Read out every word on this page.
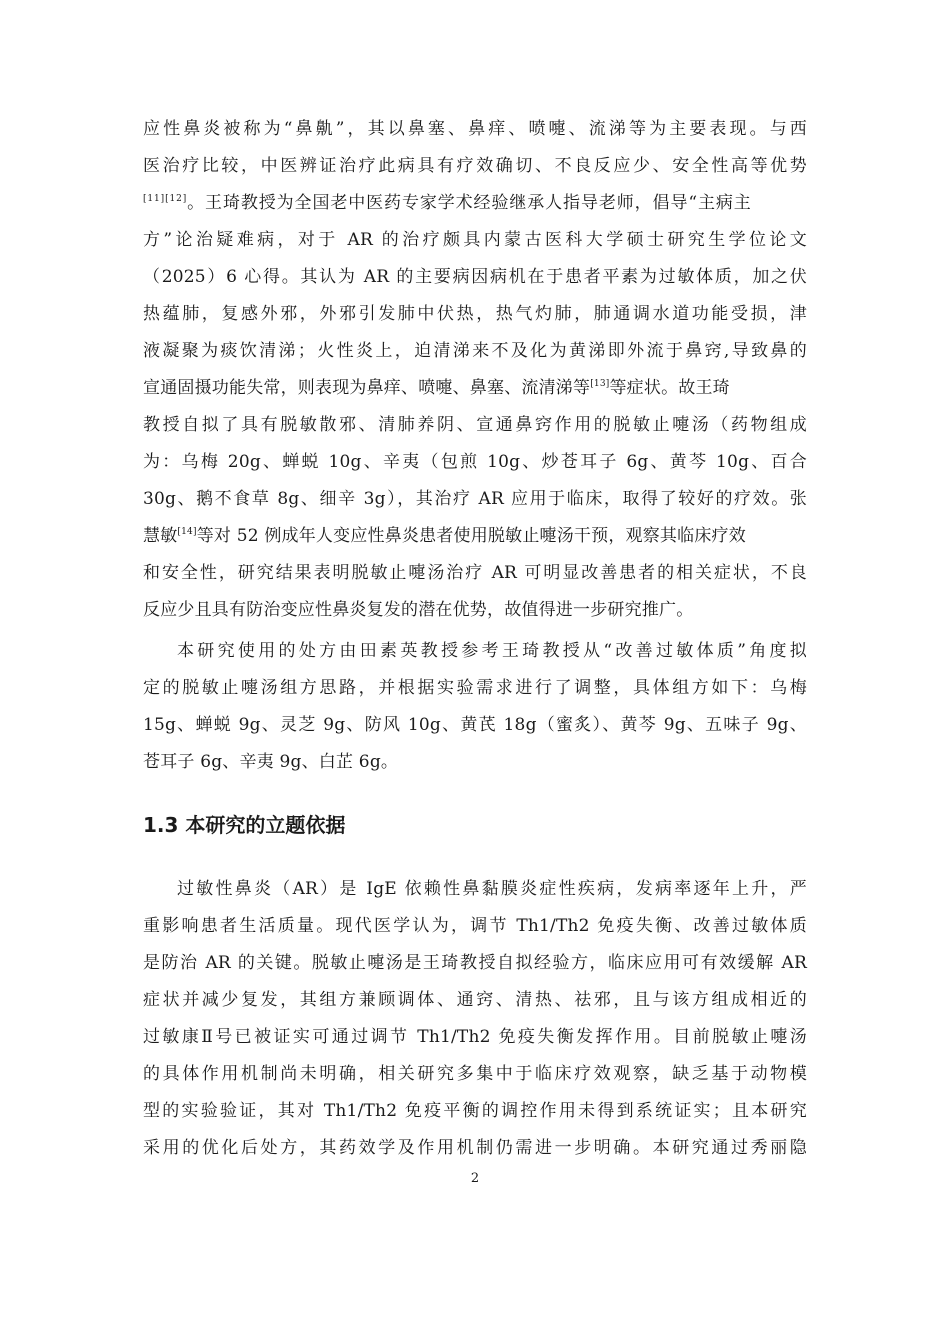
应性鼻炎被称为“鼻鼽”，其以鼻塞、鼻痒、喷嚏、流涕等为主要表现。与西
医治疗比较，中医辨证治疗此病具有疗效确切、不良反应少、安全性高等优势
[11][12]。王琦教授为全国老中医药专家学术经验继承人指导老师，倡导“主病主
方”论治疑难病，对于 AR 的治疗颇具内蒙古医科大学硕士研究生学位论文
（2025）6 心得。其认为 AR 的主要病因病机在于患者平素为过敏体质，加之伏
热蕴肺，复感外邪，外邪引发肺中伏热，热气灼肺，肺通调水道功能受损，津
液凝聚为痰饮清涕；火性炎上，迫清涕来不及化为黄涕即外流于鼻窍,导致鼻的
宣通固摄功能失常，则表现为鼻痒、喷嚏、鼻塞、流清涕等[13]等症状。故王琦
教授自拟了具有脱敏散邪、清肺养阴、宣通鼻窍作用的脱敏止嚏汤（药物组成
为：乌梅 20g、蝉蜕 10g、辛夷（包煎 10g、炒苍耳子 6g、黄芩 10g、百合
30g、鹅不食草 8g、细辛 3g），其治疗 AR 应用于临床，取得了较好的疗效。张
慧敏[14]等对 52 例成年人变应性鼻炎患者使用脱敏止嚏汤干预，观察其临床疗效
和安全性，研究结果表明脱敏止嚏汤治疗 AR 可明显改善患者的相关症状，不良
反应少且具有防治变应性鼻炎复发的潜在优势，故值得进一步研究推广。
本研究使用的处方由田素英教授参考王琦教授从“改善过敏体质”角度拟
定的脱敏止嚏汤组方思路，并根据实验需求进行了调整，具体组方如下：乌梅
15g、蝉蜕 9g、灵芝 9g、防风 10g、黄芪 18g（蜜炙）、黄芩 9g、五味子 9g、
苍耳子 6g、辛夷 9g、白芷 6g。
1.3 本研究的立题依据
过敏性鼻炎（AR）是 IgE 依赖性鼻黏膜炎症性疾病，发病率逐年上升，严
重影响患者生活质量。现代医学认为，调节 Th1/Th2 免疫失衡、改善过敏体质
是防治 AR 的关键。脱敏止嚏汤是王琦教授自拟经验方，临床应用可有效缓解 AR
症状并减少复发，其组方兼顾调体、通窍、清热、祛邪，且与该方组成相近的
过敏康Ⅱ号已被证实可通过调节 Th1/Th2 免疫失衡发挥作用。目前脱敏止嚏汤
的具体作用机制尚未明确，相关研究多集中于临床疗效观察，缺乏基于动物模
型的实验验证，其对 Th1/Th2 免疫平衡的调控作用未得到系统证实；且本研究
采用的优化后处方，其药效学及作用机制仍需进一步明确。本研究通过秀丽隐
2
